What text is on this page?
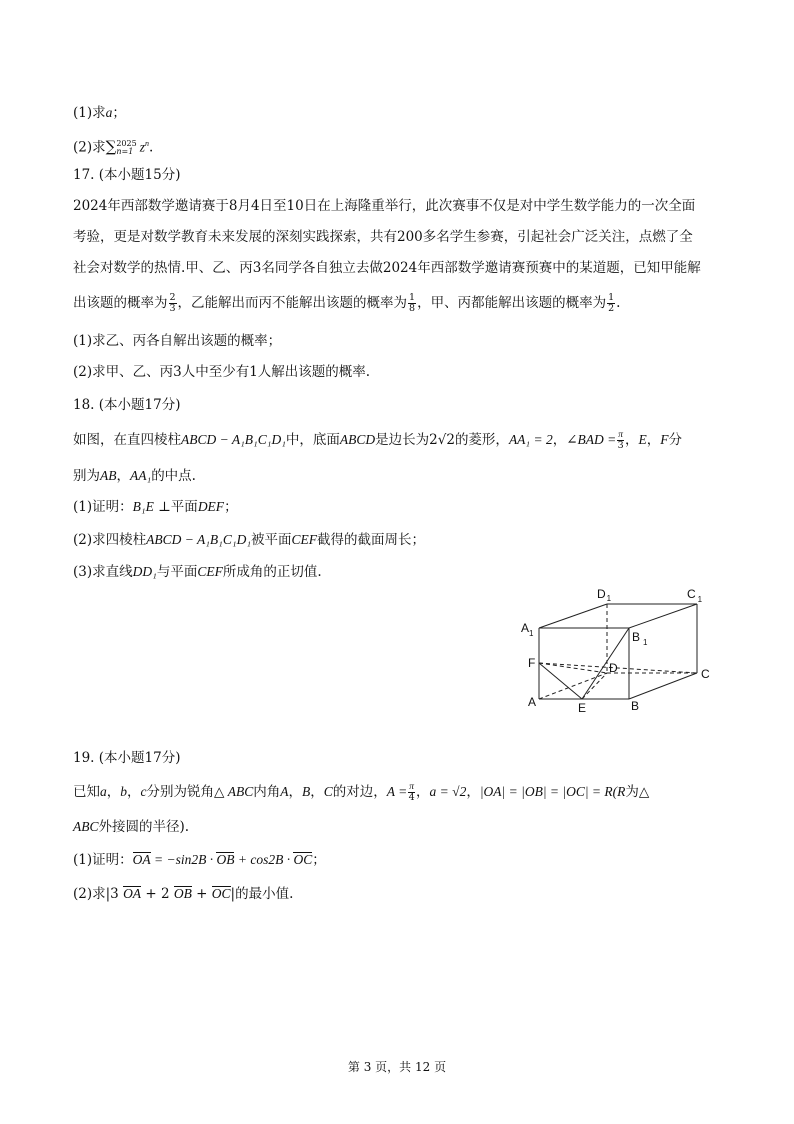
(1)求a；
(2)求∑ 2025
n=1 $z^n$.
17. (本小题15分)
2024年西部数学邀请赛于8月4日至10日在上海隆重举行，此次赛事不仅是对中学生数学能力的一次全面
考验，更是对数学教育未来发展的深刻实践探索，共有200多名学生参赛，引起社会广泛关注，点燃了全
社会对数学的热情.甲、乙、丙3名同学各自独立去做2024年西部数学邀请赛预赛中的某道题，已知甲能解
出该题的概率为 $\frac{2}{3}$ ，乙能解出而丙不能解出该题的概率为 $\frac{1}{8}$ ，甲、丙都能解出该题的概率为 $\frac{1}{2}$ .
(1)求乙、丙各自解出该题的概率；
(2)求甲、乙、丙3人中至少有1人解出该题的概率.
18. (本小题17分)
如图，在直四棱柱ABCD − A₁B₁C₁D₁中，底面ABCD是边长为2√2的菱形，AA₁ = 2，∠BAD = $\frac{\pi}{3}$ ，E，F分
别为AB，AA₁的中点.
(1)证明：B₁E ⊥平面DEF；
(2)求四棱柱ABCD − A₁B₁C₁D₁被平面CEF截得的截面周长；
(3)求直线DD₁与平面CEF所成角的正切值.
$D_1$	C $_1$
$A_1$	B $_1$
F	D	C
A	E	B
19. (本小题17分)
已知a，b，c分别为锐角△ ABC内角A，B，C的对边，$A = \frac{\pi}{4}$ ，a = √2，|OA| = |OB| = |OC| = R(R为△
ABC外接圆的半径).
(1)证明：OA = −sin2B · OB + cos2B · OC；
(2)求|3 OA + 2 OB + OC|的最小值.
第 3 页，共 12 页
